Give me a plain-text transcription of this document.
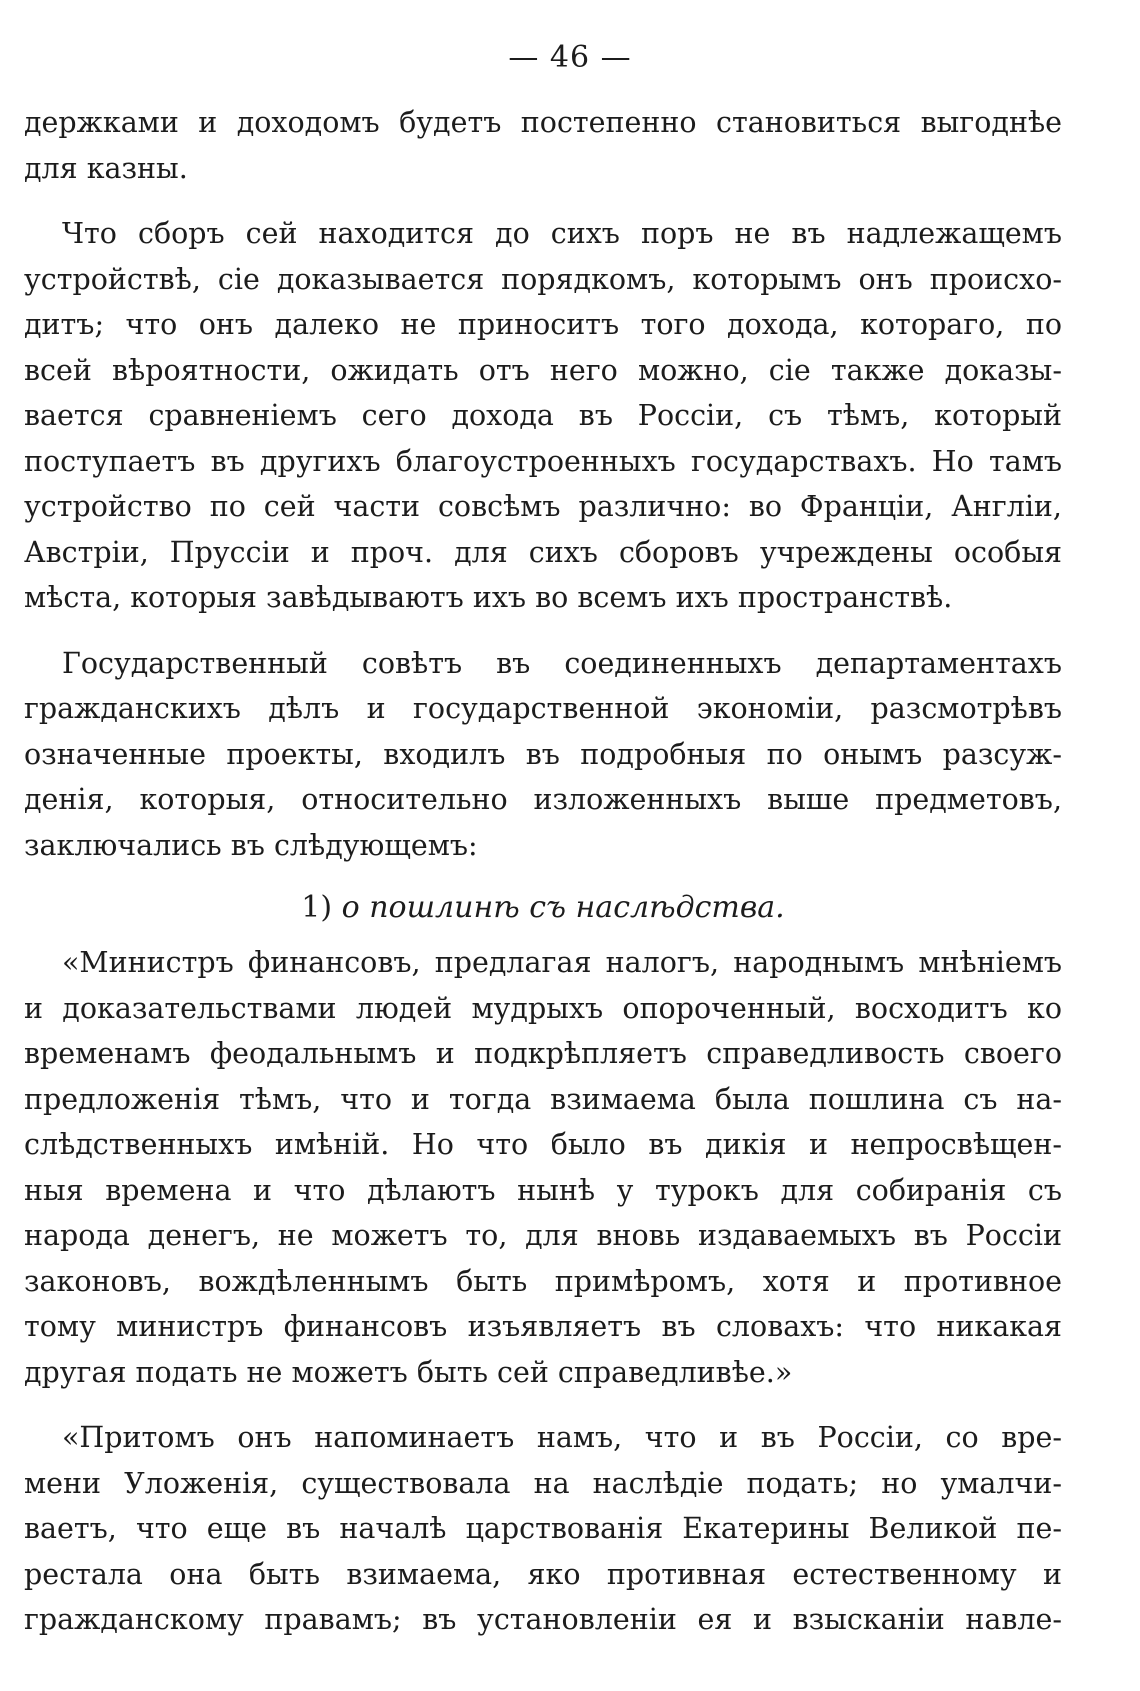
— 46 —
держками и доходомъ будетъ постепенно становиться выгоднѣе
для казны.
Что сборъ сей находится до сихъ поръ не въ надлежащемъ
устройствѣ, сіе доказывается порядкомъ, которымъ онъ происхо-
дитъ; что онъ далеко не приноситъ того дохода, котораго, по
всей вѣроятности, ожидать отъ него можно, сіе также доказы-
вается сравненіемъ сего дохода въ Россіи, съ тѣмъ, который
поступаетъ въ другихъ благоустроенныхъ государствахъ. Но тамъ
устройство по сей части совсѣмъ различно: во Франціи, Англіи,
Австріи, Пруссіи и проч. для сихъ сборовъ учреждены особыя
мѣста, которыя завѣдываютъ ихъ во всемъ ихъ пространствѣ.
Государственный совѣтъ въ соединенныхъ департаментахъ
гражданскихъ дѣлъ и государственной экономіи, разсмотрѣвъ
означенные проекты, входилъ въ подробныя по онымъ разсуж-
денія, которыя, относительно изложенныхъ выше предметовъ,
заключались въ слѣдующемъ:
1) о пошлинѣ съ наслѣдства.
«Министръ финансовъ, предлагая налогъ, народнымъ мнѣніемъ
и доказательствами людей мудрыхъ опороченный, восходитъ ко
временамъ феодальнымъ и подкрѣпляетъ справедливость своего
предложенія тѣмъ, что и тогда взимаема была пошлина съ на-
слѣдственныхъ имѣній. Но что было въ дикія и непросвѣщен-
ныя времена и что дѣлаютъ нынѣ у турокъ для собиранія съ
народа денегъ, не можетъ то, для вновь издаваемыхъ въ Россіи
законовъ, вождѣленнымъ быть примѣромъ, хотя и противное
тому министръ финансовъ изъявляетъ въ словахъ: что никакая
другая подать не можетъ быть сей справедливѣе.»
«Притомъ онъ напоминаетъ намъ, что и въ Россіи, со вре-
мени Уложенія, существовала на наслѣдіе подать; но умалчи-
ваетъ, что еще въ началѣ царствованія Екатерины Великой пе-
рестала она быть взимаема, яко противная естественному и
гражданскому правамъ; въ установленіи ея и взысканіи навле-
